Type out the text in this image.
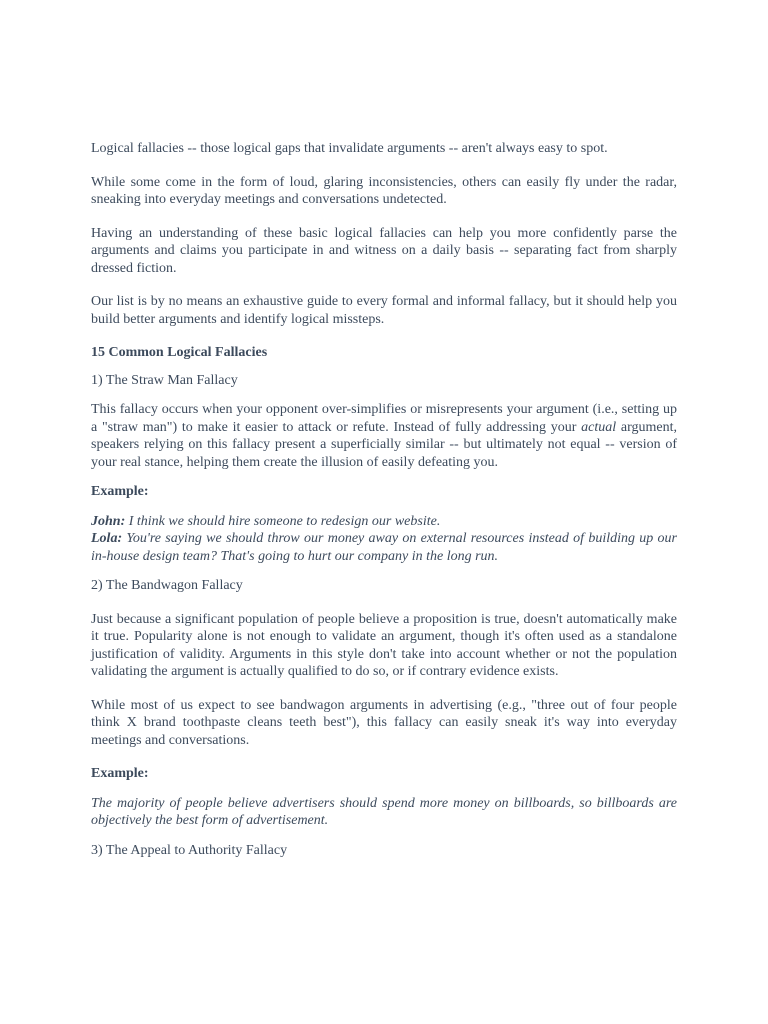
Logical fallacies -- those logical gaps that invalidate arguments -- aren't always easy to spot.

While some come in the form of loud, glaring inconsistencies, others can easily fly under the radar, sneaking into everyday meetings and conversations undetected.

Having an understanding of these basic logical fallacies can help you more confidently parse the arguments and claims you participate in and witness on a daily basis -- separating fact from sharply dressed fiction.

Our list is by no means an exhaustive guide to every formal and informal fallacy, but it should help you build better arguments and identify logical missteps.

15 Common Logical Fallacies

1) The Straw Man Fallacy

This fallacy occurs when your opponent over-simplifies or misrepresents your argument (i.e., setting up a "straw man") to make it easier to attack or refute. Instead of fully addressing your actual argument, speakers relying on this fallacy present a superficially similar -- but ultimately not equal -- version of your real stance, helping them create the illusion of easily defeating you.

Example:

John: I think we should hire someone to redesign our website.

Lola: You're saying we should throw our money away on external resources instead of building up our in-house design team? That's going to hurt our company in the long run.

2) The Bandwagon Fallacy

Just because a significant population of people believe a proposition is true, doesn't automatically make it true. Popularity alone is not enough to validate an argument, though it's often used as a standalone justification of validity. Arguments in this style don't take into account whether or not the population validating the argument is actually qualified to do so, or if contrary evidence exists.

While most of us expect to see bandwagon arguments in advertising (e.g., "three out of four people think X brand toothpaste cleans teeth best"), this fallacy can easily sneak it's way into everyday meetings and conversations.

Example:

The majority of people believe advertisers should spend more money on billboards, so billboards are objectively the best form of advertisement.

3) The Appeal to Authority Fallacy
